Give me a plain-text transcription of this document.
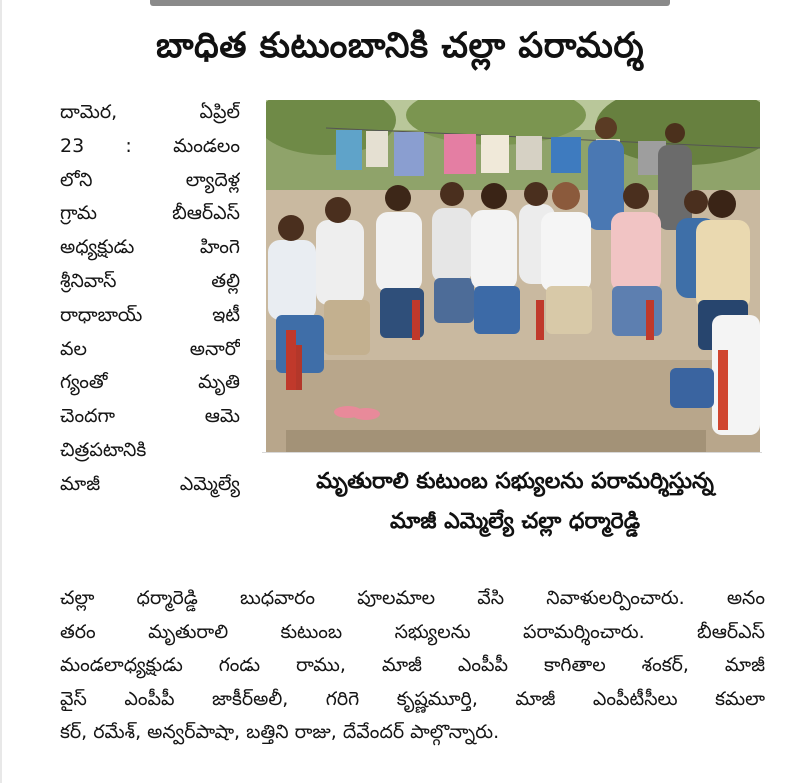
బాధిత కుటుంబానికి చల్లా పరామర్శ
దామెర, ఏప్రిల్
23 : మండలం
లోని ల్యాదెళ్ల
గ్రామ బీఆర్ఎస్
అధ్యక్షుడు హింగె
శ్రీనివాస్ తల్లి
రాధాబాయ్ ఇటీ
వల అనారో
గ్యంతో మృతి
చెందగా ఆమె
చిత్రపటానికి
మాజీ ఎమ్మెల్యే	మృతురాలి కుటుంబ సభ్యులను పరామర్శిస్తున్న
మాజీ ఎమ్మెల్యే చల్లా ధర్మారెడ్డి
చల్లా ధర్మారెడ్డి బుధవారం పూలమాల వేసి నివాళులర్పించారు. అనం
తరం మృతురాలి కుటుంబ సభ్యులను పరామర్శించారు. బీఆర్ఎస్
మండలాధ్యక్షుడు గండు రాము, మాజీ ఎంపీపీ కాగితాల శంకర్, మాజీ
వైస్ ఎంపీపీ జాకీర్అలీ, గరిగె కృష్ణమూర్తి, మాజీ ఎంపీటీసీలు కమలా
కర్, రమేశ్, అన్వర్‌పాషా, బత్తిని రాజు, దేవేందర్ పాల్గొన్నారు.
